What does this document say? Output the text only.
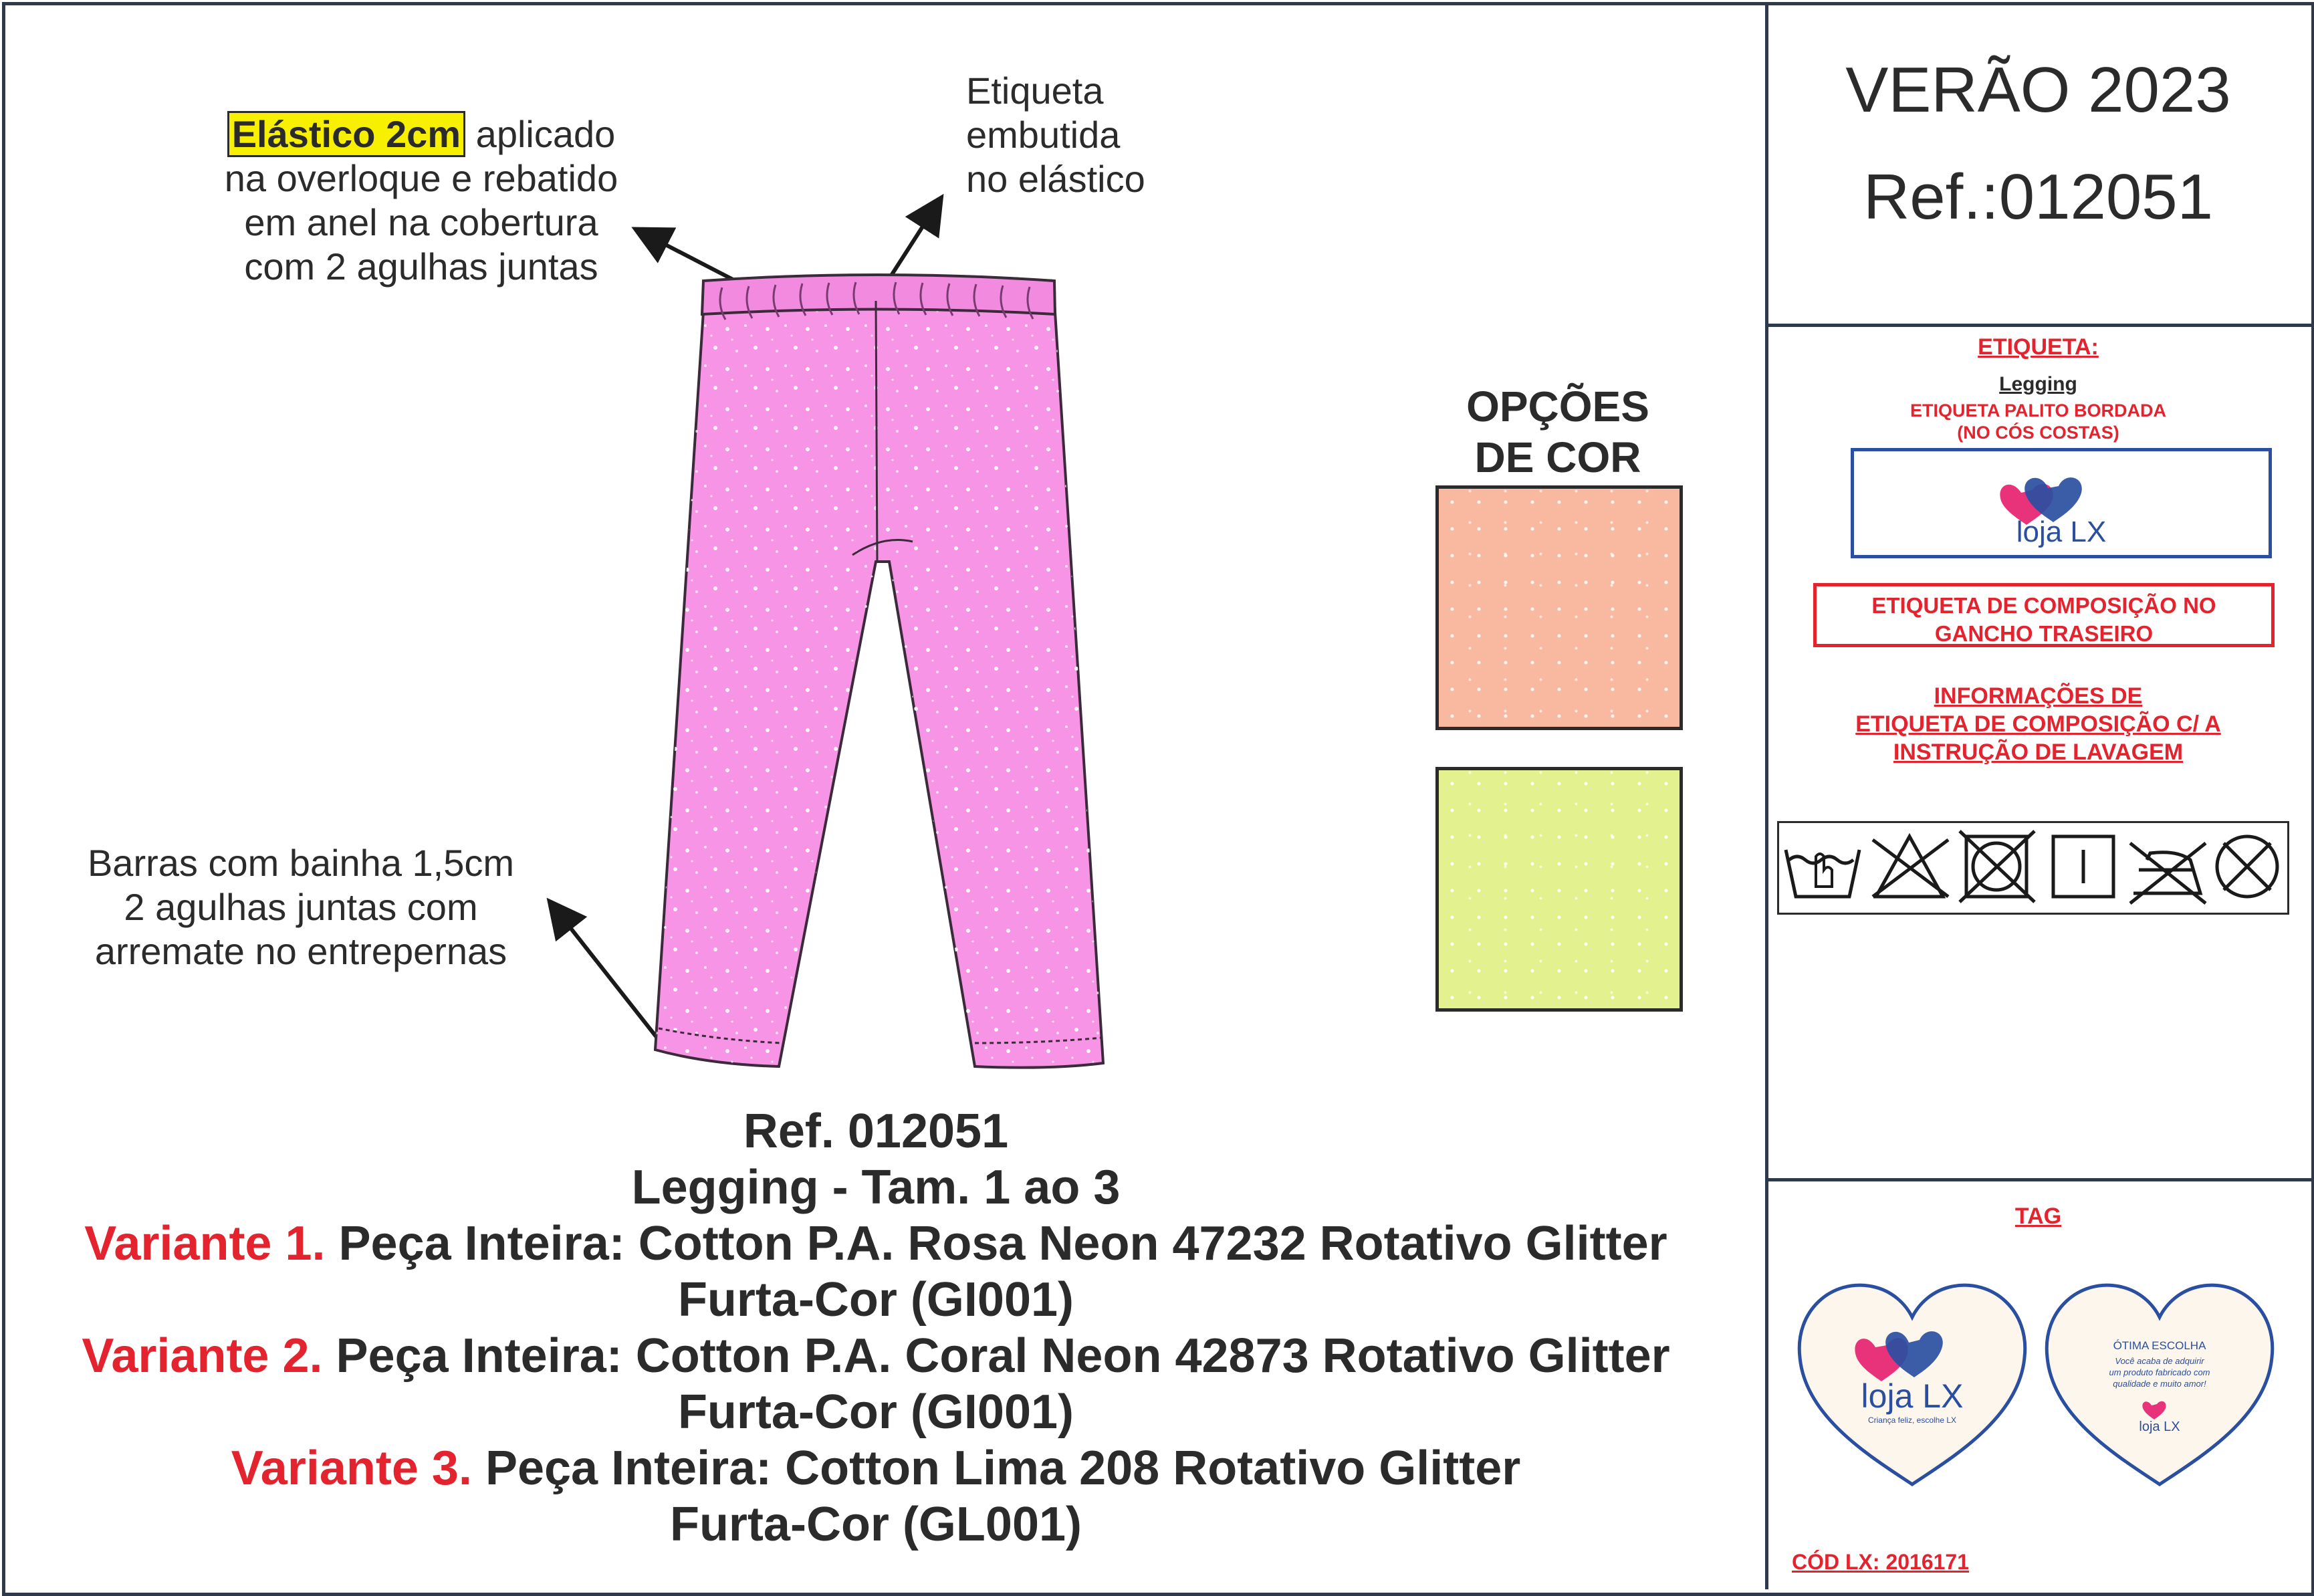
VERÃO 2023
Ref.:012051
Elástico 2cm aplicado
na overloque e rebatido
em anel na cobertura
com 2 agulhas juntas
Etiqueta
embutida
no elástico
Barras com bainha 1,5cm
2 agulhas juntas com
arremate no entrepernas
OPÇÕES
DE COR
Ref. 012051
Legging - Tam. 1 ao 3
Variante 1. Peça Inteira: Cotton P.A. Rosa Neon 47232 Rotativo Glitter
Furta-Cor (GI001)
Variante 2. Peça Inteira: Cotton P.A. Coral Neon 42873 Rotativo Glitter
Furta-Cor (GI001)
Variante 3. Peça Inteira: Cotton Lima 208 Rotativo Glitter
Furta-Cor (GL001)
ETIQUETA:
Legging
ETIQUETA PALITO BORDADA
(NO CÓS COSTAS)
loja LX
ETIQUETA DE COMPOSIÇÃO NO
GANCHO TRASEIRO
INFORMAÇÕES DE
ETIQUETA DE COMPOSIÇÃO C/ A
INSTRUÇÃO DE LAVAGEM
TAG
loja LX
Criança feliz, escolhe LX
ÓTIMA ESCOLHA
Você acaba de adquirir
um produto fabricado com
qualidade e muito amor!
loja LX
CÓD LX: 2016171
